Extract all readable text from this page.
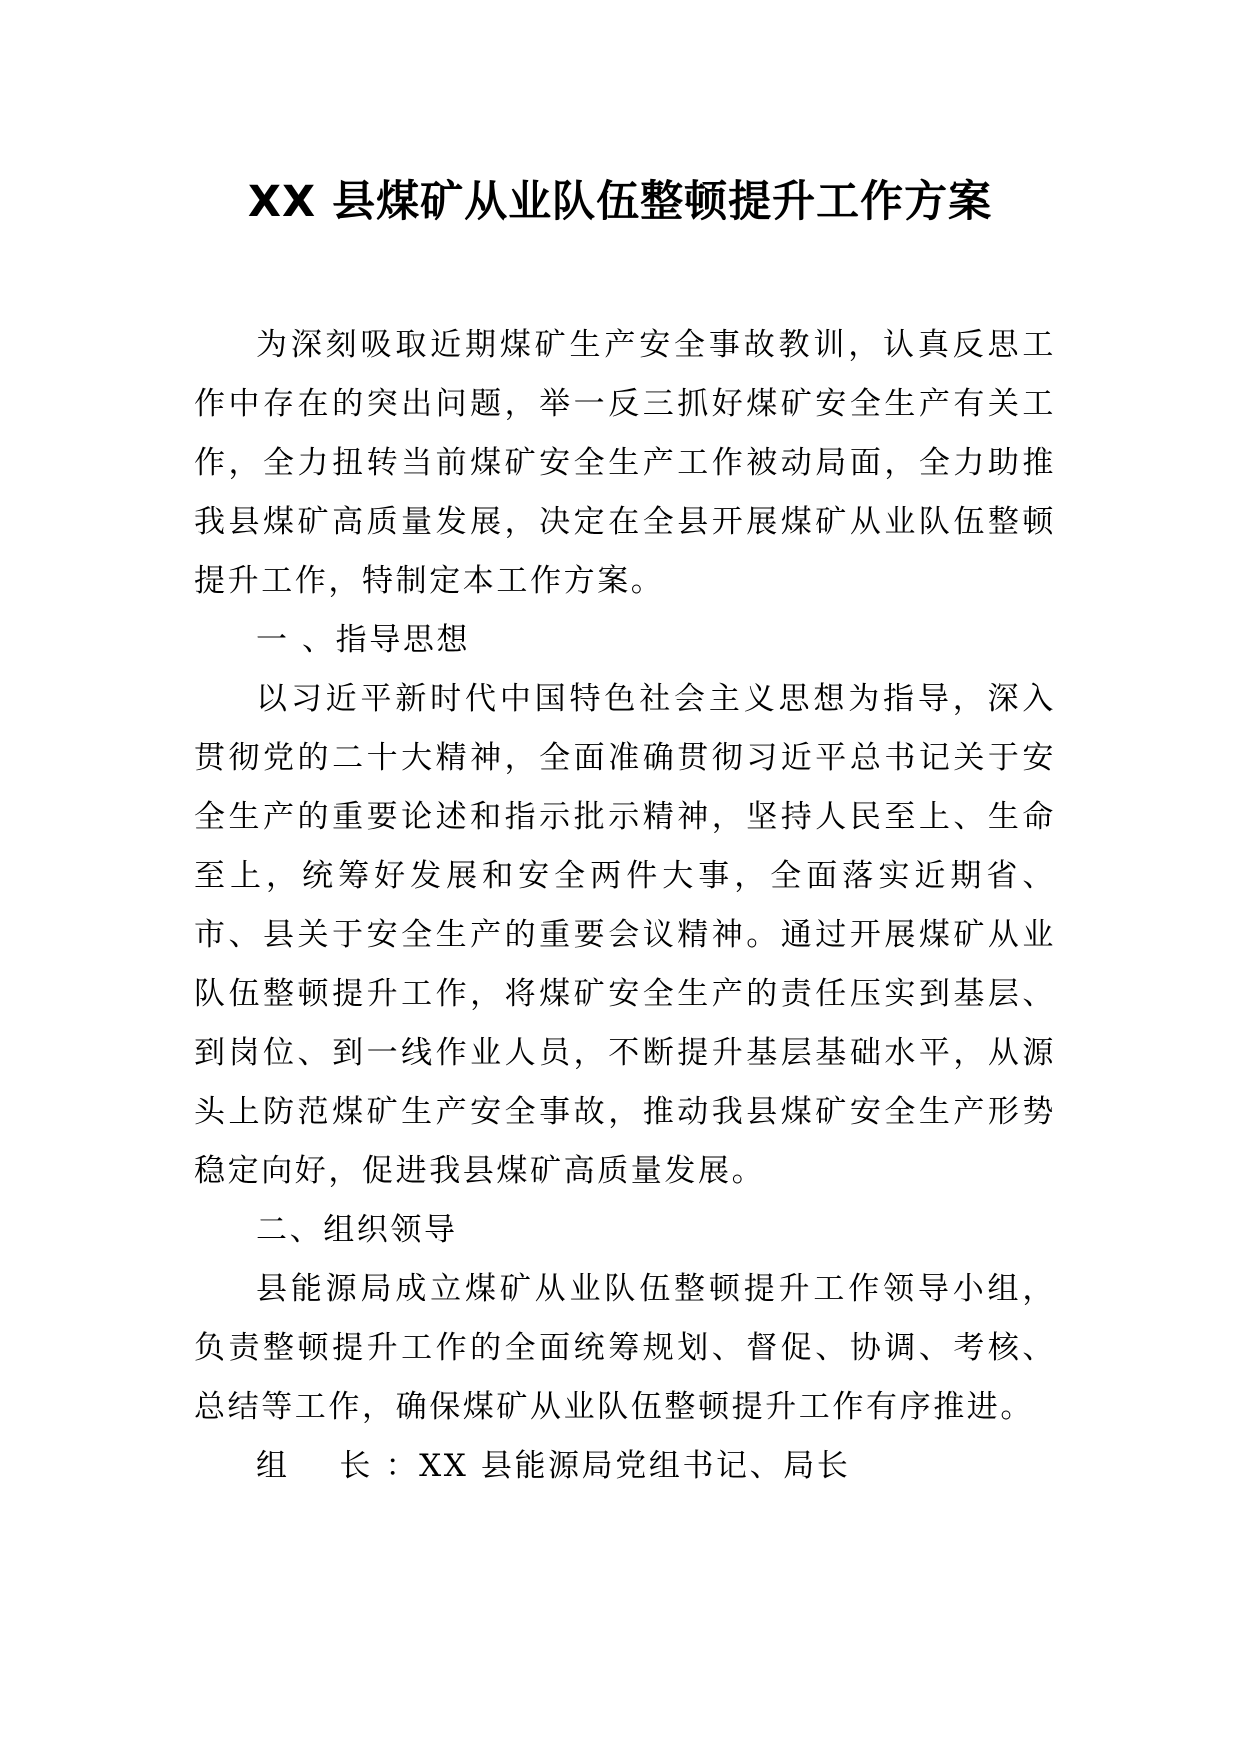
XX 县煤矿从业队伍整顿提升工作方案

为深刻吸取近期煤矿生产安全事故教训，认真反思工作中存在的突出问题，举一反三抓好煤矿安全生产有关工作，全力扭转当前煤矿安全生产工作被动局面，全力助推我县煤矿高质量发展，决定在全县开展煤矿从业队伍整顿提升工作，特制定本工作方案。

一 、指导思想

以习近平新时代中国特色社会主义思想为指导，深入贯彻党的二十大精神，全面准确贯彻习近平总书记关于安全生产的重要论述和指示批示精神，坚持人民至上、生命至上，统筹好发展和安全两件大事，全面落实近期省、市、县关于安全生产的重要会议精神。通过开展煤矿从业队伍整顿提升工作，将煤矿安全生产的责任压实到基层、到岗位、到一线作业人员，不断提升基层基础水平，从源头上防范煤矿生产安全事故，推动我县煤矿安全生产形势稳定向好，促进我县煤矿高质量发展。

二、组织领导

县能源局成立煤矿从业队伍整顿提升工作领导小组，负责整顿提升工作的全面统筹规划、督促、协调、考核、总结等工作，确保煤矿从业队伍整顿提升工作有序推进。

组    长 ：XX 县能源局党组书记、局长
